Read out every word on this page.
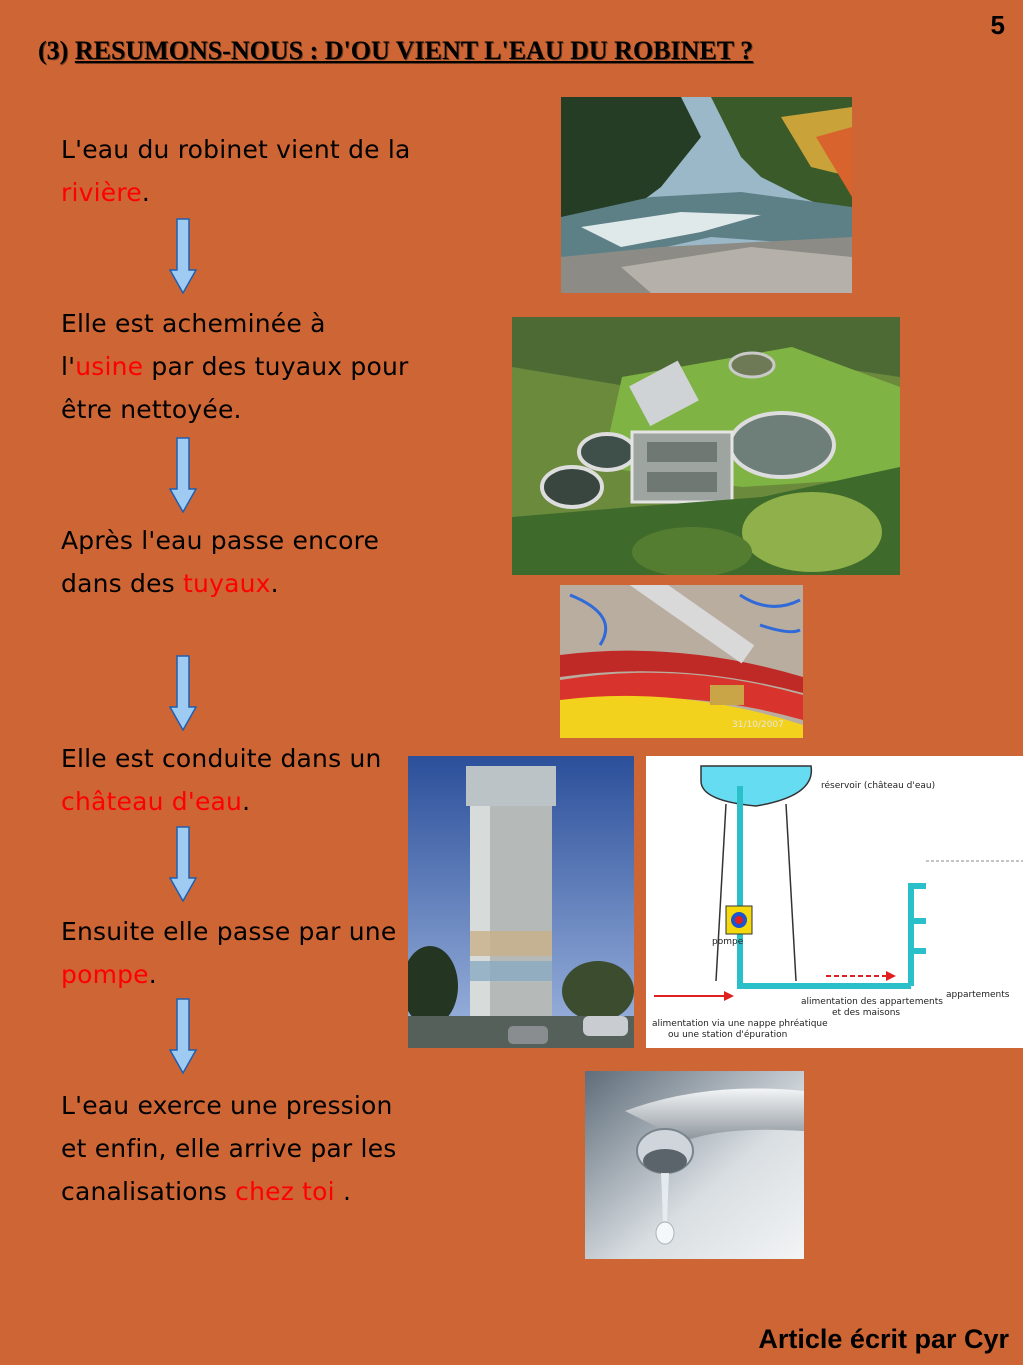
5
(3) RESUMONS-NOUS : D'OU VIENT L'EAU DU ROBINET ?
L'eau du robinet vient de la rivière.
Elle est acheminée à l'usine par des tuyaux pour être nettoyée.
Après l'eau passe encore dans des tuyaux.
Elle est conduite dans un château d'eau.
Ensuite elle passe par une pompe.
L'eau exerce une pression et enfin, elle arrive par les canalisations chez toi .
31/10/2007
réservoir (château d'eau)
pompe
alimentation des appartements
et des maisons
appartements
alimentation via une nappe phréatique
ou une station d'épuration
Article écrit par Cyr
